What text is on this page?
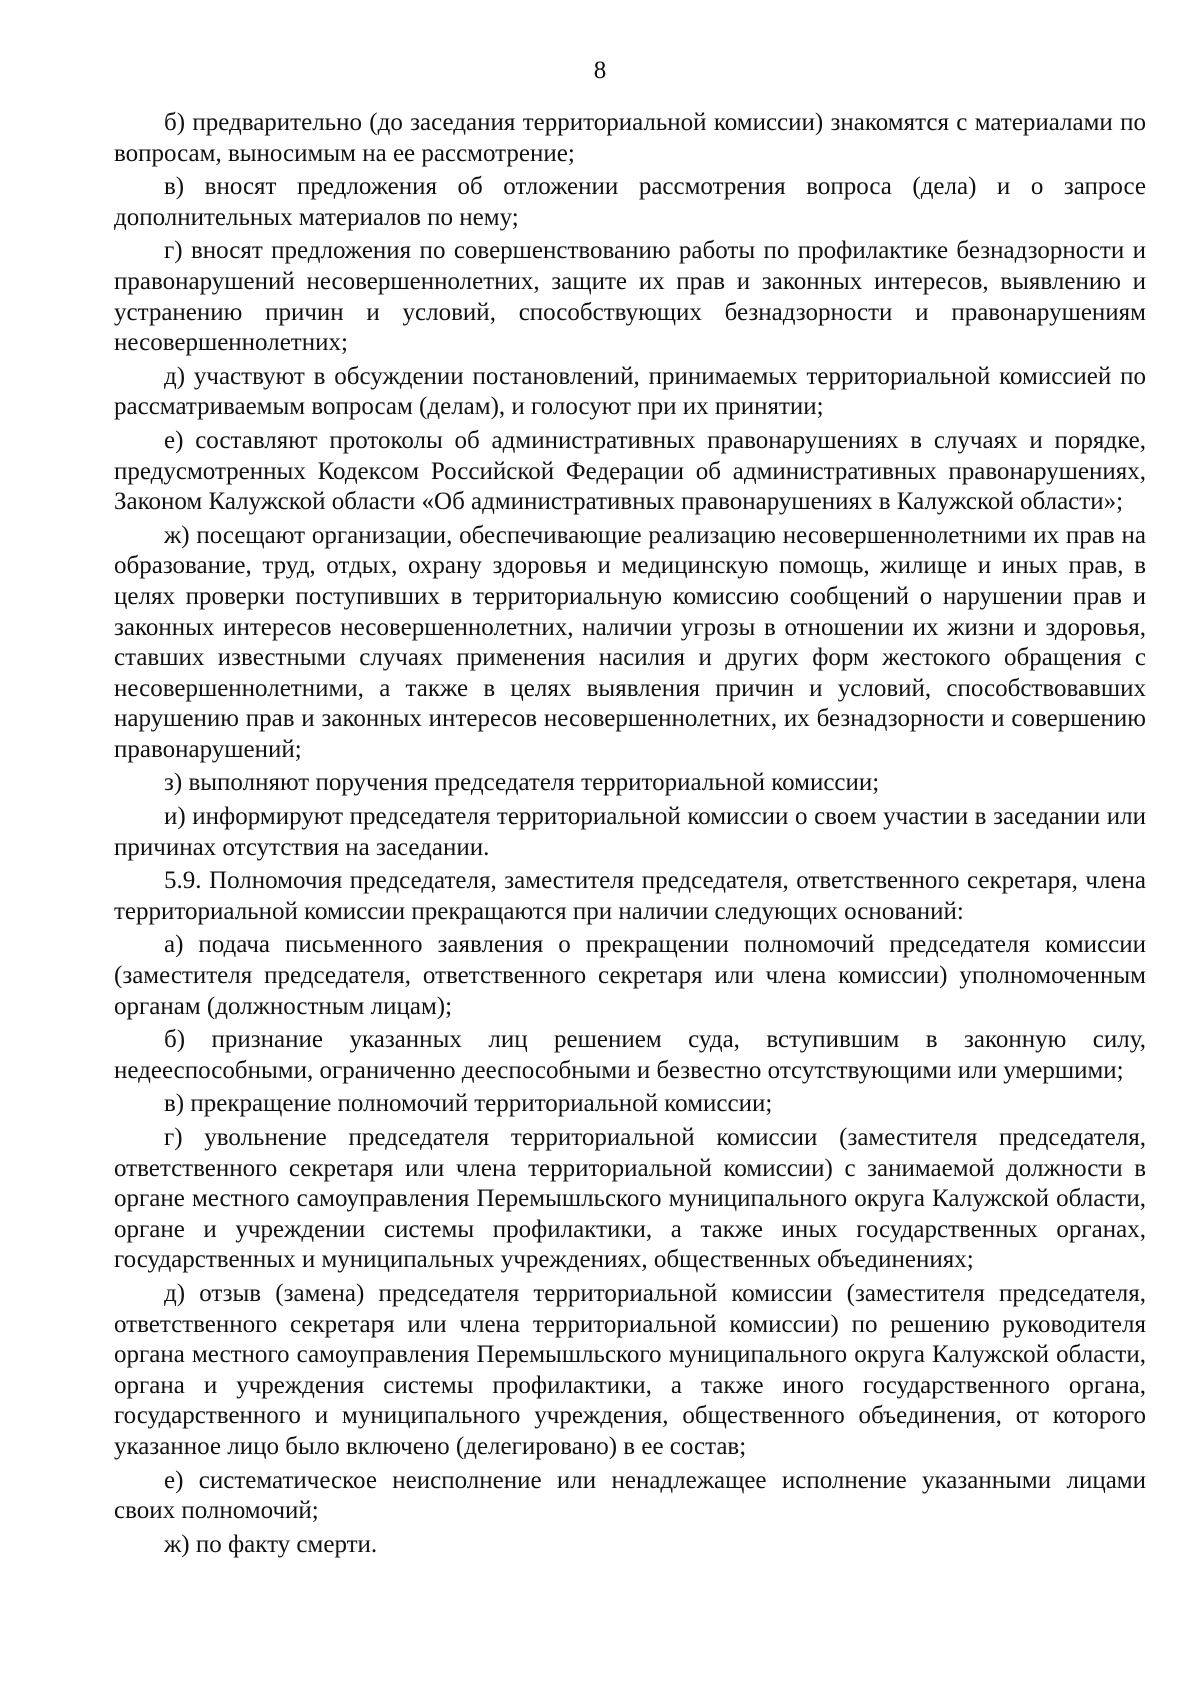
8

б) предварительно (до заседания территориальной комиссии) знакомятся с материалами по вопросам, выносимым на ее рассмотрение;

в) вносят предложения об отложении рассмотрения вопроса (дела) и о запросе дополнительных материалов по нему;

г) вносят предложения по совершенствованию работы по профилактике безнадзорности и правонарушений несовершеннолетних, защите их прав и законных интересов, выявлению и устранению причин и условий, способствующих безнадзорности и правонарушениям несовершеннолетних;

д) участвуют в обсуждении постановлений, принимаемых территориальной комиссией по рассматриваемым вопросам (делам), и голосуют при их принятии;

е) составляют протоколы об административных правонарушениях в случаях и порядке, предусмотренных Кодексом Российской Федерации об административных правонарушениях, Законом Калужской области «Об административных правонарушениях в Калужской области»;

ж) посещают организации, обеспечивающие реализацию несовершеннолетними их прав на образование, труд, отдых, охрану здоровья и медицинскую помощь, жилище и иных прав, в целях проверки поступивших в территориальную комиссию сообщений о нарушении прав и законных интересов несовершеннолетних, наличии угрозы в отношении их жизни и здоровья, ставших известными случаях применения насилия и других форм жестокого обращения с несовершеннолетними, а также в целях выявления причин и условий, способствовавших нарушению прав и законных интересов несовершеннолетних, их безнадзорности и совершению правонарушений;

з) выполняют поручения председателя территориальной комиссии;

и) информируют председателя территориальной комиссии о своем участии в заседании или причинах отсутствия на заседании.

5.9. Полномочия председателя, заместителя председателя, ответственного секретаря, члена территориальной комиссии прекращаются при наличии следующих оснований:

а) подача письменного заявления о прекращении полномочий председателя комиссии (заместителя председателя, ответственного секретаря или члена комиссии) уполномоченным органам (должностным лицам);

б) признание указанных лиц решением суда, вступившим в законную силу, недееспособными, ограниченно дееспособными и безвестно отсутствующими или умершими;

в) прекращение полномочий территориальной комиссии;

г) увольнение председателя территориальной комиссии (заместителя председателя, ответственного секретаря или члена территориальной комиссии) с занимаемой должности в органе местного самоуправления Перемышльского муниципального округа Калужской области, органе и учреждении системы профилактики, а также иных государственных органах, государственных и муниципальных учреждениях, общественных объединениях;

д) отзыв (замена) председателя территориальной комиссии (заместителя председателя, ответственного секретаря или члена территориальной комиссии) по решению руководителя органа местного самоуправления Перемышльского муниципального округа Калужской области, органа и учреждения системы профилактики, а также иного государственного органа, государственного и муниципального учреждения, общественного объединения, от которого указанное лицо было включено (делегировано) в ее состав;

е) систематическое неисполнение или ненадлежащее исполнение указанными лицами своих полномочий;

ж) по факту смерти.
